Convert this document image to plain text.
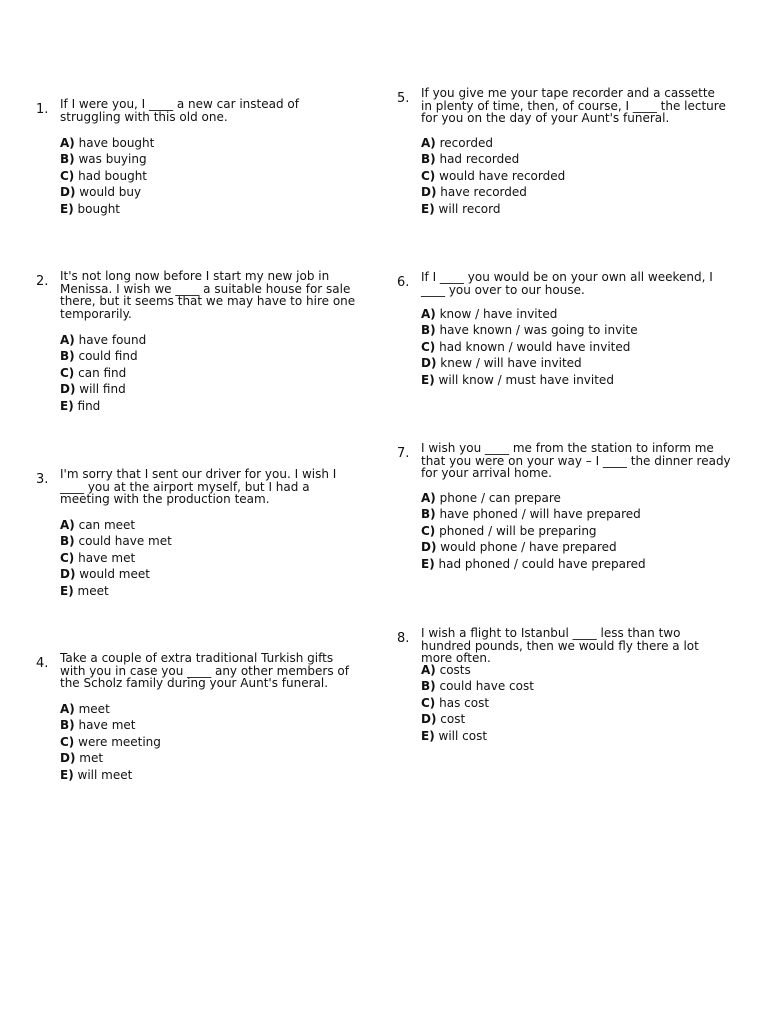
1. If I were you, I ____ a new car instead of struggling with this old one.
A) have bought
B) was buying
C) had bought
D) would buy
E) bought
2. It's not long now before I start my new job in Menissa. I wish we ____ a suitable house for sale there, but it seems that we may have to hire one temporarily.
A) have found
B) could find
C) can find
D) will find
E) find
3. I'm sorry that I sent our driver for you. I wish I ____ you at the airport myself, but I had a meeting with the production team.
A) can meet
B) could have met
C) have met
D) would meet
E) meet
4. Take a couple of extra traditional Turkish gifts with you in case you ____ any other members of the Scholz family during your Aunt's funeral.
A) meet
B) have met
C) were meeting
D) met
E) will meet
5. If you give me your tape recorder and a cassette in plenty of time, then, of course, I ____ the lecture for you on the day of your Aunt's funeral.
A) recorded
B) had recorded
C) would have recorded
D) have recorded
E) will record
6. If I ____ you would be on your own all weekend, I ____ you over to our house.
A) know / have invited
B) have known / was going to invite
C) had known / would have invited
D) knew / will have invited
E) will know / must have invited
7. I wish you ____ me from the station to inform me that you were on your way – I ____ the dinner ready for your arrival home.
A) phone / can prepare
B) have phoned / will have prepared
C) phoned / will be preparing
D) would phone / have prepared
E) had phoned / could have prepared
8. I wish a flight to Istanbul ____ less than two hundred pounds, then we would fly there a lot more often.
A) costs
B) could have cost
C) has cost
D) cost
E) will cost
